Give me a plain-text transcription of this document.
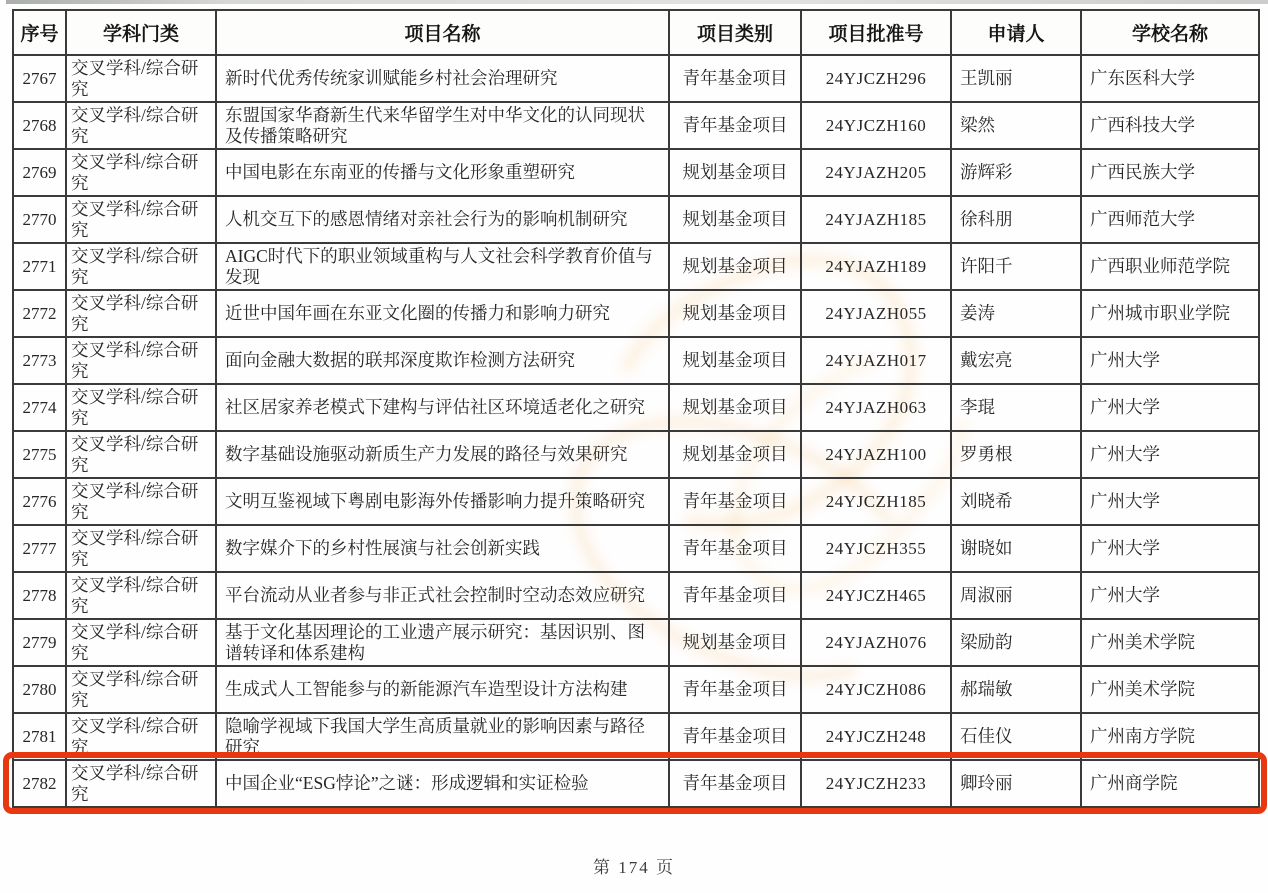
序号	学科门类	项目名称	项目类别	项目批准号	申请人	学校名称
2767	交叉学科/综合研究	新时代优秀传统家训赋能乡村社会治理研究	青年基金项目	24YJCZH296	王凯丽	广东医科大学
2768	交叉学科/综合研究	东盟国家华裔新生代来华留学生对中华文化的认同现状及传播策略研究	青年基金项目	24YJCZH160	梁然	广西科技大学
2769	交叉学科/综合研究	中国电影在东南亚的传播与文化形象重塑研究	规划基金项目	24YJAZH205	游辉彩	广西民族大学
2770	交叉学科/综合研究	人机交互下的感恩情绪对亲社会行为的影响机制研究	规划基金项目	24YJAZH185	徐科朋	广西师范大学
2771	交叉学科/综合研究	AIGC时代下的职业领域重构与人文社会科学教育价值与发现	规划基金项目	24YJAZH189	许阳千	广西职业师范学院
2772	交叉学科/综合研究	近世中国年画在东亚文化圈的传播力和影响力研究	规划基金项目	24YJAZH055	姜涛	广州城市职业学院
2773	交叉学科/综合研究	面向金融大数据的联邦深度欺诈检测方法研究	规划基金项目	24YJAZH017	戴宏亮	广州大学
2774	交叉学科/综合研究	社区居家养老模式下建构与评估社区环境适老化之研究	规划基金项目	24YJAZH063	李琨	广州大学
2775	交叉学科/综合研究	数字基础设施驱动新质生产力发展的路径与效果研究	规划基金项目	24YJAZH100	罗勇根	广州大学
2776	交叉学科/综合研究	文明互鉴视域下粤剧电影海外传播影响力提升策略研究	青年基金项目	24YJCZH185	刘晓希	广州大学
2777	交叉学科/综合研究	数字媒介下的乡村性展演与社会创新实践	青年基金项目	24YJCZH355	谢晓如	广州大学
2778	交叉学科/综合研究	平台流动从业者参与非正式社会控制时空动态效应研究	青年基金项目	24YJCZH465	周淑丽	广州大学
2779	交叉学科/综合研究	基于文化基因理论的工业遗产展示研究：基因识别、图谱转译和体系建构	规划基金项目	24YJAZH076	梁励韵	广州美术学院
2780	交叉学科/综合研究	生成式人工智能参与的新能源汽车造型设计方法构建	青年基金项目	24YJCZH086	郝瑞敏	广州美术学院
2781	交叉学科/综合研究	隐喻学视域下我国大学生高质量就业的影响因素与路径研究	青年基金项目	24YJCZH248	石佳仪	广州南方学院
2782	交叉学科/综合研究	中国企业“ESG悖论”之谜：形成逻辑和实证检验	青年基金项目	24YJCZH233	卿玲丽	广州商学院
第 174 页
